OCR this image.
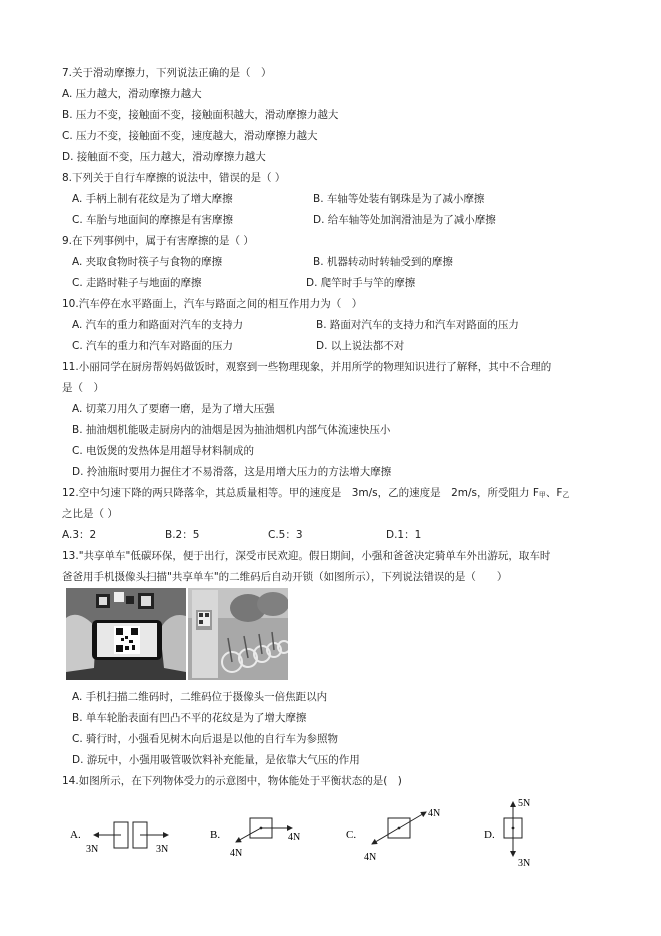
7.关于滑动摩擦力，下列说法正确的是（　）
A. 压力越大，滑动摩擦力越大
B. 压力不变，接触面不变，接触面积越大，滑动摩擦力越大
C. 压力不变，接触面不变，速度越大，滑动摩擦力越大
D. 接触面不变，压力越大，滑动摩擦力越大
8.下列关于自行车摩擦的说法中，错误的是（ ）
A. 手柄上制有花纹是为了增大摩擦	B. 车轴等处装有钢珠是为了减小摩擦
C. 车胎与地面间的摩擦是有害摩擦	D. 给车轴等处加润滑油是为了减小摩擦
9.在下列事例中，属于有害摩擦的是（ ）
A. 夹取食物时筷子与食物的摩擦	B. 机器转动时转轴受到的摩擦
C. 走路时鞋子与地面的摩擦	D. 爬竿时手与竿的摩擦
10.汽车停在水平路面上，汽车与路面之间的相互作用力为（　）
A. 汽车的重力和路面对汽车的支持力	B. 路面对汽车的支持力和汽车对路面的压力
C. 汽车的重力和汽车对路面的压力	D. 以上说法都不对
11.小丽同学在厨房帮妈妈做饭时，观察到一些物理现象，并用所学的物理知识进行了解释，其中不合理的
是（　）
A. 切菜刀用久了要磨一磨，是为了增大压强
B. 抽油烟机能吸走厨房内的油烟是因为抽油烟机内部气体流速快压小
C. 电饭煲的发热体是用超导材料制成的
D. 拎油瓶时要用力握住才不易滑落，这是用增大压力的方法增大摩擦
12.空中匀速下降的两只降落伞，其总质量相等。甲的速度是　3m/s，乙的速度是　2m/s，所受阻力 F甲、F乙
之比是（ ）
A.3：2	B.2：5	C.5：3	D.1：1
13."共享单车"低碳环保，便于出行，深受市民欢迎。假日期间，小强和爸爸决定骑单车外出游玩，取车时
爸爸用手机摄像头扫描"共享单车"的二维码后自动开锁（如图所示），下列说法错误的是（　　）
A. 手机扫描二维码时，二维码位于摄像头一倍焦距以内
B. 单车轮胎表面有凹凸不平的花纹是为了增大摩擦
C. 骑行时，小强看见树木向后退是以他的自行车为参照物
D. 游玩中，小强用吸管吸饮料补充能量，是依靠大气压的作用
14.如图所示，在下列物体受力的示意图中，物体能处于平衡状态的是(　)
A.
3N	3N
B.
4N
4N	C.
4N
4N
D.
5N
3N
